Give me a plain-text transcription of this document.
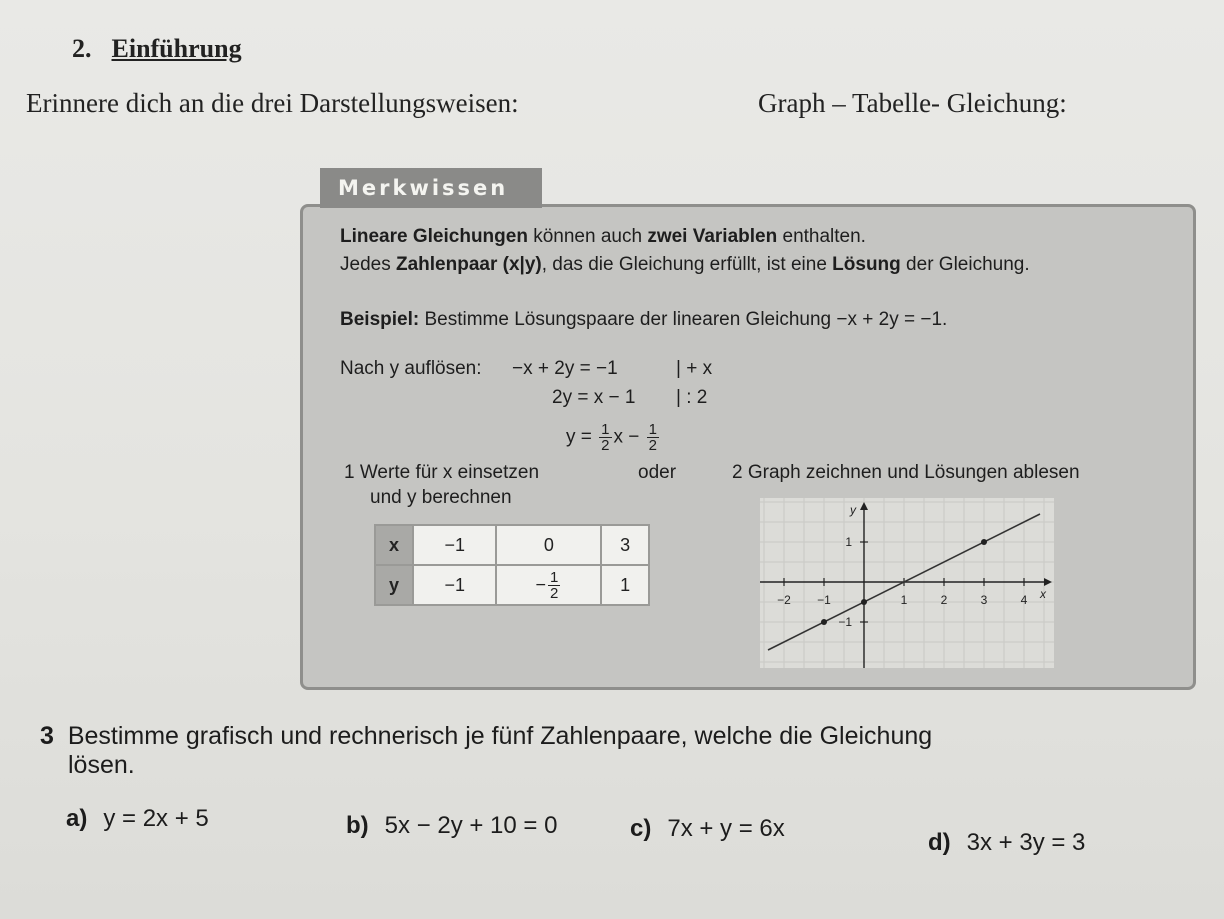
2. Einführung
Erinnere dich an die drei Darstellungsweisen:	Graph – Tabelle- Gleichung:
Merkwissen
Lineare Gleichungen können auch zwei Variablen enthalten.
Jedes Zahlenpaar (x|y), das die Gleichung erfüllt, ist eine Lösung der Gleichung.
Beispiel: Bestimme Lösungspaare der linearen Gleichung −x + 2y = −1.
Nach y auflösen: −x + 2y = −1	| + x
2y = x − 1 | : 2
$y = \frac{1}{2}$ $x - \frac{1}{2}$
1 Werte für x einsetzen
und y berechnen
oder	2 Graph zeichnen und Lösungen ablesen
x	−1	0	3
y	−1	− $\frac{1}{2}$	1
−2 −1	1	2	3	4
1
−1
y
x
3 Bestimme grafisch und rechnerisch je fünf Zahlenpaare, welche die Gleichung
lösen.
a) y = 2x + 5	b) 5x − 2y + 10 = 0	c) 7x + y = 6x
d) 3x + 3y = 3
